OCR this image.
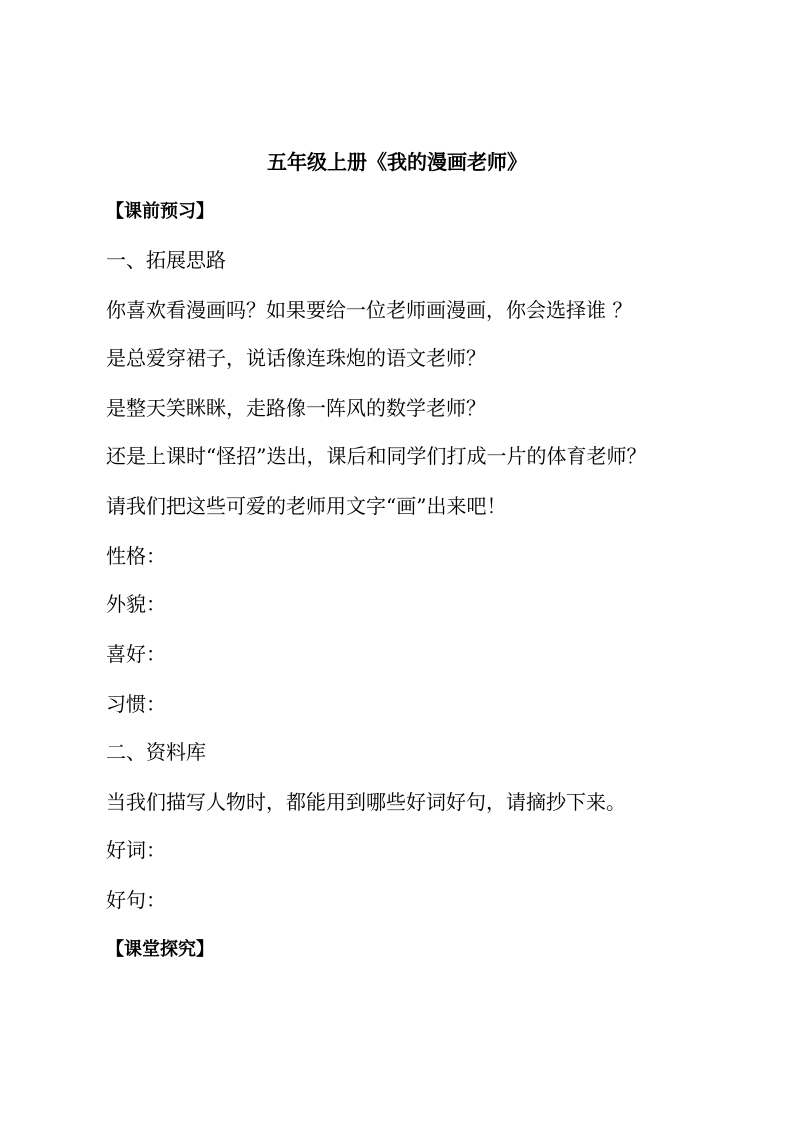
五年级上册《我的漫画老师》
【课前预习】
一、拓展思路
你喜欢看漫画吗？如果要给一位老师画漫画，你会选择谁 ？
是总爱穿裙子，说话像连珠炮的语文老师？
是整天笑眯眯，走路像一阵风的数学老师？
还是上课时“怪招”迭出，课后和同学们打成一片的体育老师？
请我们把这些可爱的老师用文字“画”出来吧！
性格：
外貌：
喜好：
习惯：
二、资料库
当我们描写人物时，都能用到哪些好词好句，请摘抄下来。
好词：
好句：
【课堂探究】
